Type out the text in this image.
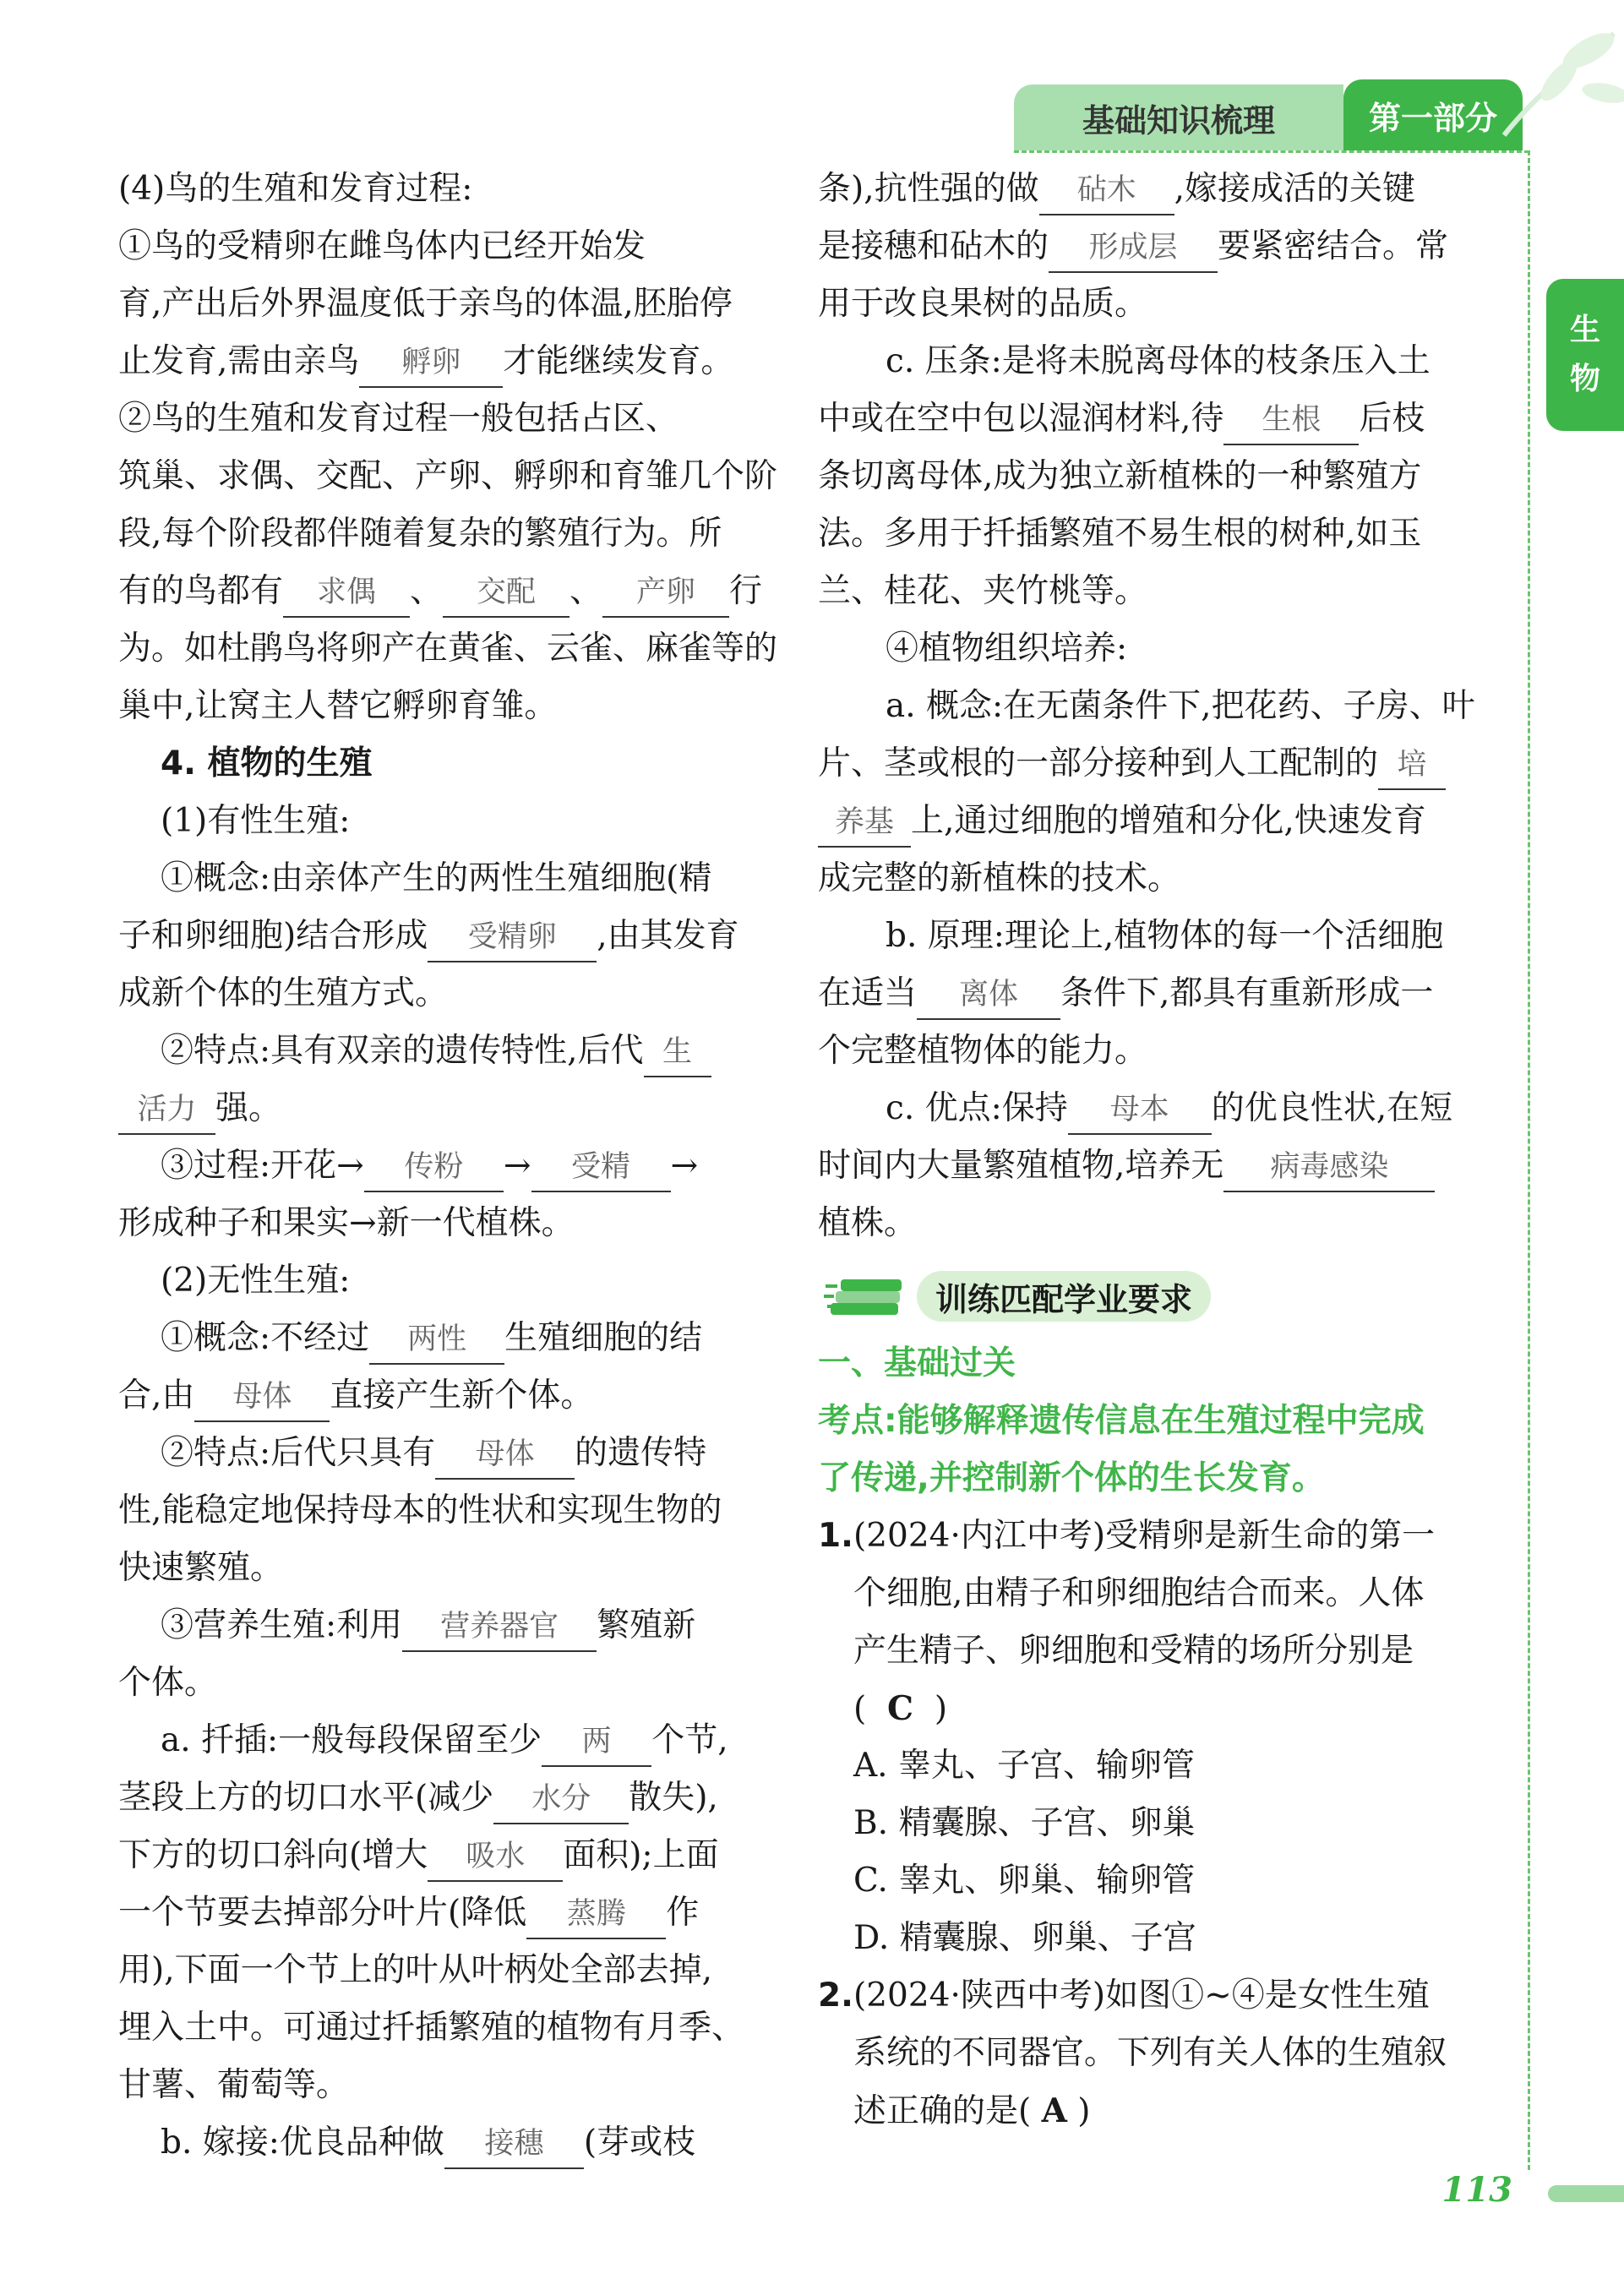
基础知识梳理	第一部分
生
物
(4)鸟的生殖和发育过程:
①鸟的受精卵在雌鸟体内已经开始发
育,产出后外界温度低于亲鸟的体温,胚胎停
止发育,需由亲鸟 孵卵 才能继续发育。
②鸟的生殖和发育过程一般包括占区、
筑巢、求偶、交配、产卵、孵卵和育雏几个阶
段,每个阶段都伴随着复杂的繁殖行为。所
有的鸟都有 求偶 、 交配 、 产卵 行
为。如杜鹃鸟将卵产在黄雀、云雀、麻雀等的
巢中,让窝主人替它孵卵育雏。
4. 植物的生殖
(1)有性生殖:
①概念:由亲体产生的两性生殖细胞(精
子和卵细胞)结合形成 受精卵 ,由其发育
成新个体的生殖方式。
②特点:具有双亲的遗传特性,后代 生
活力 强。
③过程:开花→ 传粉 → 受精 →
形成种子和果实→新一代植株。
(2)无性生殖:
①概念:不经过 两性 生殖细胞的结
合,由 母体 直接产生新个体。
②特点:后代只具有 母体 的遗传特
性,能稳定地保持母本的性状和实现生物的
快速繁殖。
③营养生殖:利用 营养器官 繁殖新
个体。
a. 扦插:一般每段保留至少 两 个节,
茎段上方的切口水平(减少 水分 散失),
下方的切口斜向(增大 吸水 面积);上面
一个节要去掉部分叶片(降低 蒸腾 作
用),下面一个节上的叶从叶柄处全部去掉,
埋入土中。可通过扦插繁殖的植物有月季、
甘薯、葡萄等。
b. 嫁接:优良品种做 接穗 (芽或枝
条),抗性强的做 砧木 ,嫁接成活的关键
是接穗和砧木的 形成层 要紧密结合。常
用于改良果树的品质。
c. 压条:是将未脱离母体的枝条压入土
中或在空中包以湿润材料,待 生根 后枝
条切离母体,成为独立新植株的一种繁殖方
法。多用于扦插繁殖不易生根的树种,如玉
兰、桂花、夹竹桃等。
④植物组织培养:
a. 概念:在无菌条件下,把花药、子房、叶
片、茎或根的一部分接种到人工配制的 培
养基 上,通过细胞的增殖和分化,快速发育
成完整的新植株的技术。
b. 原理:理论上,植物体的每一个活细胞
在适当 离体 条件下,都具有重新形成一
个完整植物体的能力。
c. 优点:保持 母本 的优良性状,在短
时间内大量繁殖植物,培养无 病毒感染
植株。
训练匹配学业要求
一、基础过关
考点:能够解释遗传信息在生殖过程中完成
了传递,并控制新个体的生长发育。
1. (2024·内江中考)受精卵是新生命的第一
个细胞,由精子和卵细胞结合而来。人体
产生精子、卵细胞和受精的场所分别是
( C )
A. 睾丸、子宫、输卵管
B. 精囊腺、子宫、卵巢
C. 睾丸、卵巢、输卵管
D. 精囊腺、卵巢、子宫
2. (2024·陕西中考)如图①~④是女性生殖
系统的不同器官。下列有关人体的生殖叙
述正确的是( A )
113
